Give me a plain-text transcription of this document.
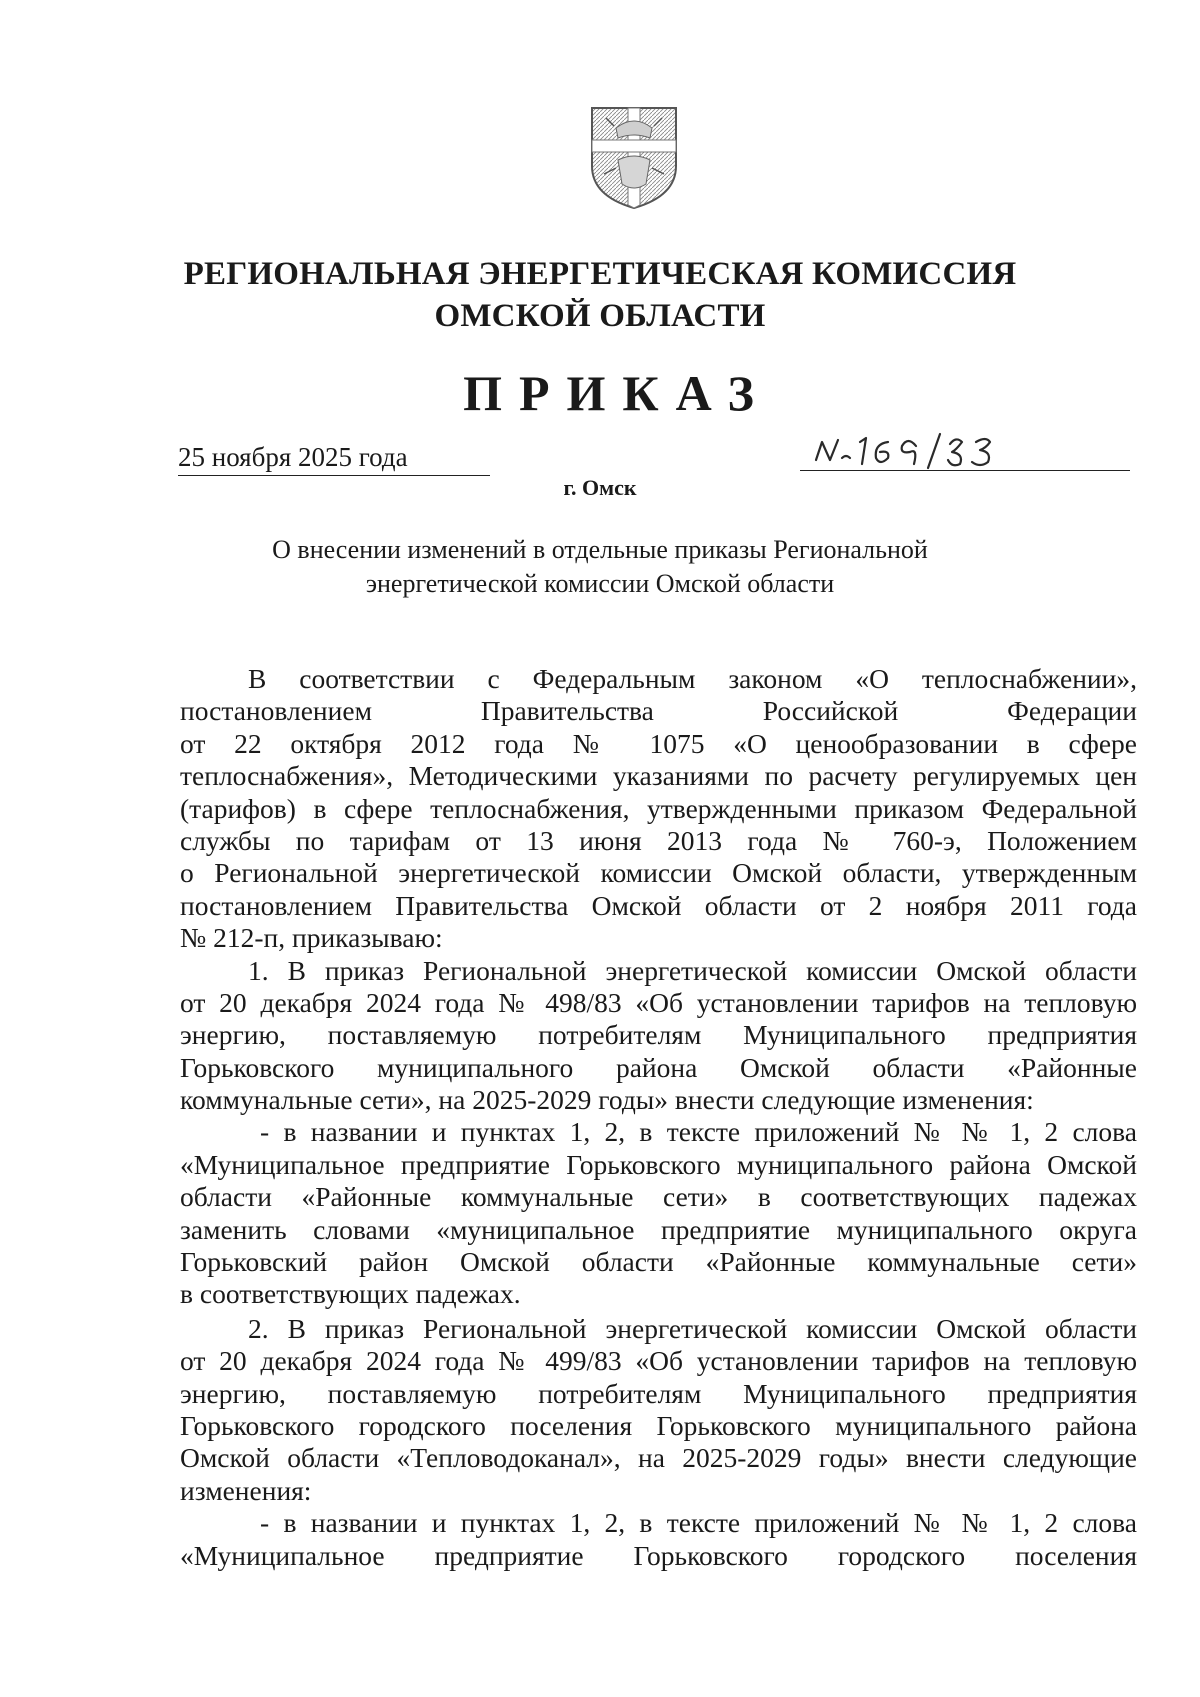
РЕГИОНАЛЬНАЯ ЭНЕРГЕТИЧЕСКАЯ КОМИССИЯ
ОМСКОЙ ОБЛАСТИ
ПРИКАЗ
25 ноября 2025 года
г. Омск
О внесении изменений в отдельные приказы Региональной
энергетической комиссии Омской области
В соответствии с Федеральным законом «О теплоснабжении»,
постановлением Правительства Российской Федерации
от 22 октября 2012 года № 1075 «О ценообразовании в сфере
теплоснабжения», Методическими указаниями по расчету регулируемых цен
(тарифов) в сфере теплоснабжения, утвержденными приказом Федеральной
службы по тарифам от 13 июня 2013 года № 760-э, Положением
о Региональной энергетической комиссии Омской области, утвержденным
постановлением Правительства Омской области от 2 ноября 2011 года
№ 212-п, приказываю:
1. В приказ Региональной энергетической комиссии Омской области
от 20 декабря 2024 года № 498/83 «Об установлении тарифов на тепловую
энергию, поставляемую потребителям Муниципального предприятия
Горьковского муниципального района Омской области «Районные
коммунальные сети», на 2025-2029 годы» внести следующие изменения:
- в названии и пунктах 1, 2, в тексте приложений № № 1, 2 слова
«Муниципальное предприятие Горьковского муниципального района Омской
области «Районные коммунальные сети» в соответствующих падежах
заменить словами «муниципальное предприятие муниципального округа
Горьковский район Омской области «Районные коммунальные сети»
в соответствующих падежах.
2. В приказ Региональной энергетической комиссии Омской области
от 20 декабря 2024 года № 499/83 «Об установлении тарифов на тепловую
энергию, поставляемую потребителям Муниципального предприятия
Горьковского городского поселения Горьковского муниципального района
Омской области «Тепловодоканал», на 2025-2029 годы» внести следующие
изменения:
- в названии и пунктах 1, 2, в тексте приложений № № 1, 2 слова
«Муниципальное предприятие Горьковского городского поселения
